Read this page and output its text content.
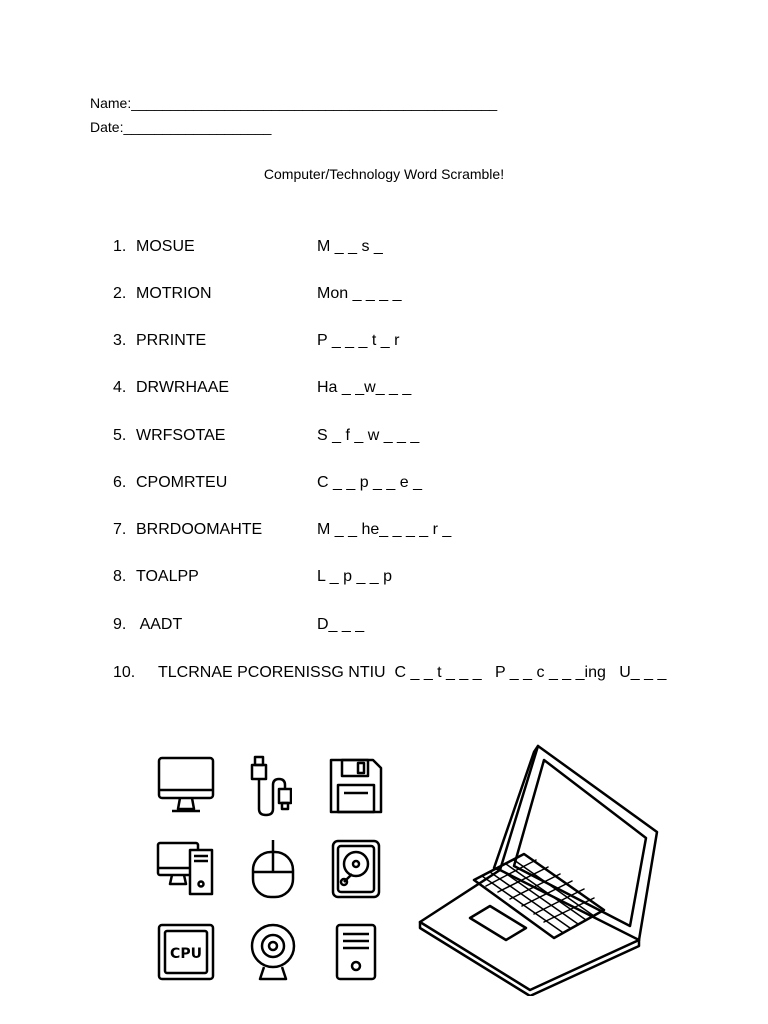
Name:_______________________________________________
Date:___________________
Computer/Technology Word Scramble!
1. MOSUE	M _ _ s _
2. MOTRION	Mon _ _ _ _
3. PRRINTE	P _ _ _ t _ r
4. DRWRHAAE	Ha _ _w_ _ _
5. WRFSOTAE	S _ f _ w _ _ _
6. CPOMRTEU	C _ _ p _ _ e _
7. BRRDOOMAHTE	M _ _ he_ _ _ _ r _
8. TOALPP	L _ p _ _ p
9. AADT	D_ _ _
10. TLCRNAE PCORENISSG NTIU  C _ _ t _ _ _   P _ _ c _ _ _ing   U_ _ _
CPU
